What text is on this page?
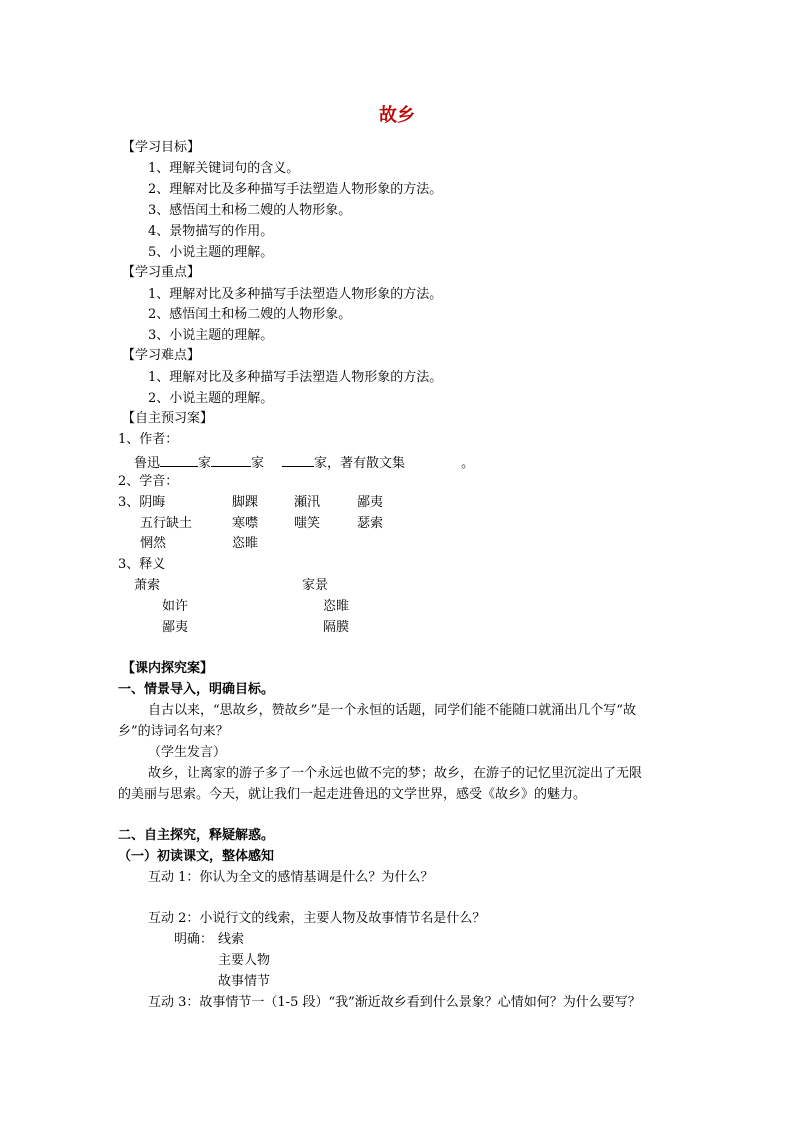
故乡
【学习目标】
1、理解关键词句的含义。
2、理解对比及多种描写手法塑造人物形象的方法。
3、感悟闰土和杨二嫂的人物形象。
4、景物描写的作用。
5、小说主题的理解。
【学习重点】
1、理解对比及多种描写手法塑造人物形象的方法。
2、感悟闰土和杨二嫂的人物形象。
3、小说主题的理解。
【学习难点】
1、理解对比及多种描写手法塑造人物形象的方法。
2、小说主题的理解。
【自主预习案】
1、作者：
鲁迅	家	家	家，著有散文集	。
2、学音：
3、阴晦	脚踝	瀬汛	鄙夷
五行缺土	寒噤	嗤笑	瑟索
惘然	恣睢
3、释义
萧索	家景
如许	恣睢
鄙夷	隔膜
【课内探究案】
一、情景导入，明确目标。
自古以来，“思故乡，赞故乡”是一个永恒的话题，同学们能不能随口就涌出几个写“故
乡”的诗词名句来？
（学生发言）
故乡，让离家的游子多了一个永远也做不完的梦；故乡，在游子的记忆里沉淀出了无限
的美丽与思索。今天，就让我们一起走进鲁迅的文学世界，感受《故乡》的魅力。
二、自主探究，释疑解惑。
（一）初读课文，整体感知
互动 1：你认为全文的感情基调是什么？为什么？
互动 2：小说行文的线索，主要人物及故事情节名是什么？
明确： 线索
主要人物
故事情节
互动 3：故事情节一（1-5 段）“我”渐近故乡看到什么景象？心情如何？为什么要写？
